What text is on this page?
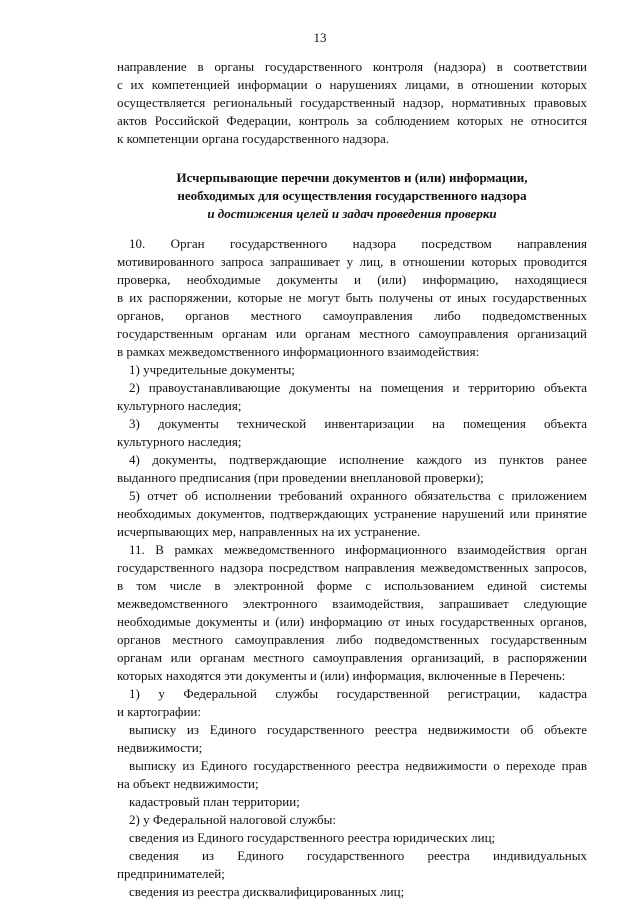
13
направление в органы государственного контроля (надзора) в соответствии
с их компетенцией информации о нарушениях лицами, в отношении которых
осуществляется региональный государственный надзор, нормативных правовых
актов Российской Федерации, контроль за соблюдением которых не относится
к компетенции органа государственного надзора.
Исчерпывающие перечни документов и (или) информации,
необходимых для осуществления государственного надзора
и достижения целей и задач проведения проверки
10. Орган государственного надзора посредством направления
мотивированного запроса запрашивает у лиц, в отношении которых проводится
проверка, необходимые документы и (или) информацию, находящиеся
в их распоряжении, которые не могут быть получены от иных государственных
органов, органов местного самоуправления либо подведомственных
государственным органам или органам местного самоуправления организаций
в рамках межведомственного информационного взаимодействия:
1) учредительные документы;
2) правоустанавливающие документы на помещения и территорию объекта
культурного наследия;
3) документы технической инвентаризации на помещения объекта
культурного наследия;
4) документы, подтверждающие исполнение каждого из пунктов ранее
выданного предписания (при проведении внеплановой проверки);
5) отчет об исполнении требований охранного обязательства с приложением
необходимых документов, подтверждающих устранение нарушений или принятие
исчерпывающих мер, направленных на их устранение.
11. В рамках межведомственного информационного взаимодействия орган
государственного надзора посредством направления межведомственных запросов,
в том числе в электронной форме с использованием единой системы
межведомственного электронного взаимодействия, запрашивает следующие
необходимые документы и (или) информацию от иных государственных органов,
органов местного самоуправления либо подведомственных государственным
органам или органам местного самоуправления организаций, в распоряжении
которых находятся эти документы и (или) информация, включенные в Перечень:
1) у Федеральной службы государственной регистрации, кадастра
и картографии:
выписку из Единого государственного реестра недвижимости об объекте
недвижимости;
выписку из Единого государственного реестра недвижимости о переходе прав
на объект недвижимости;
кадастровый план территории;
2) у Федеральной налоговой службы:
сведения из Единого государственного реестра юридических лиц;
сведения из Единого государственного реестра индивидуальных
предпринимателей;
сведения из реестра дисквалифицированных лиц;
